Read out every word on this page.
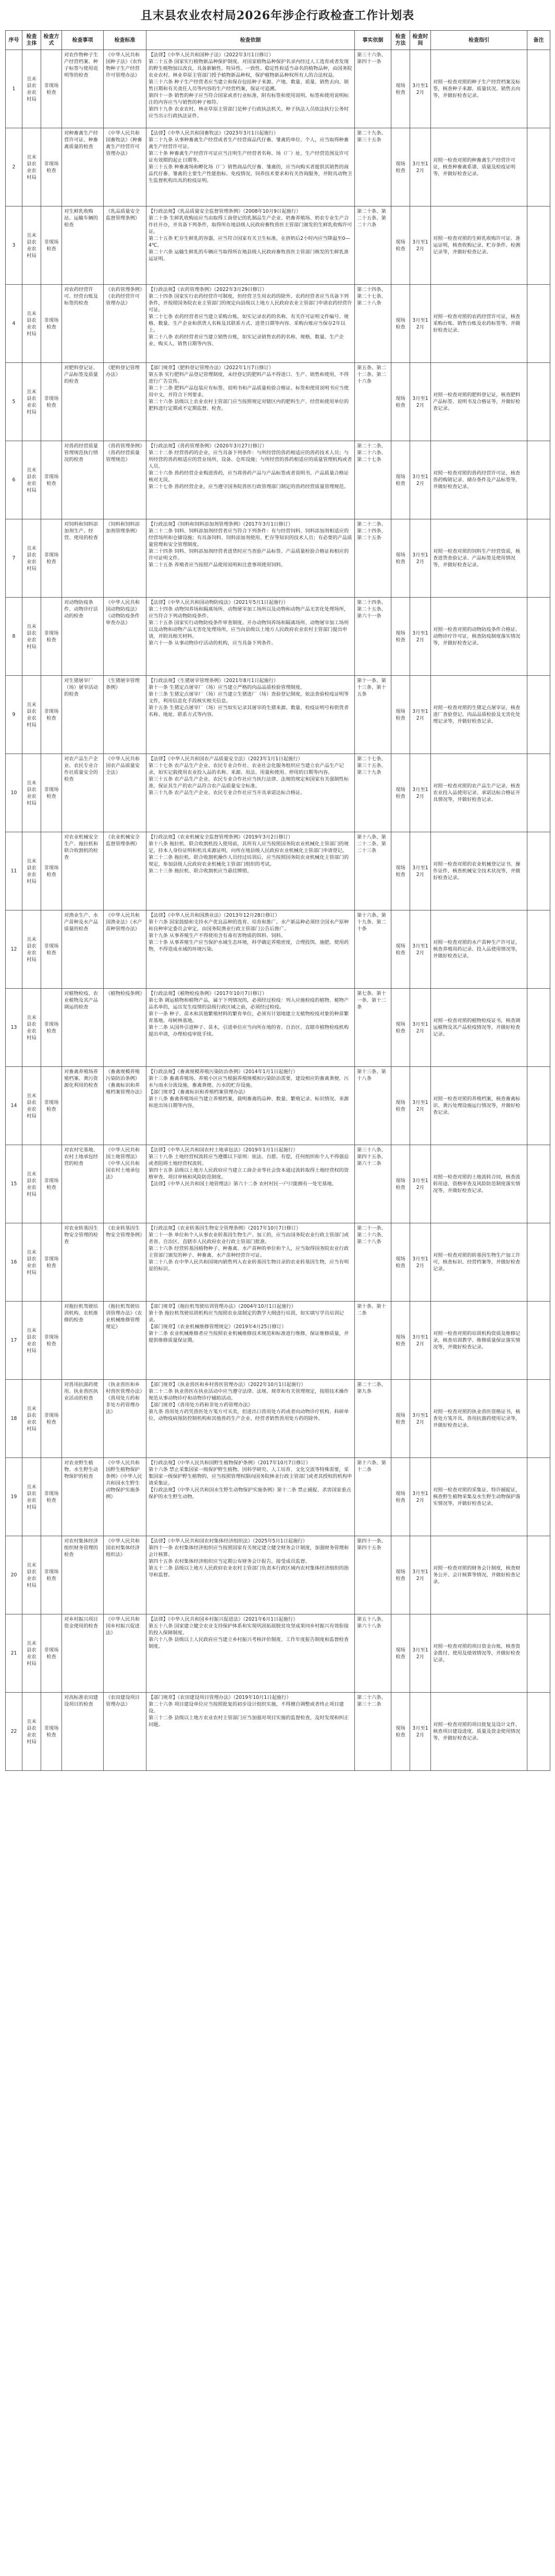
且末县农业农村局2026年涉企行政检查工作计划表
序号	检查主体	检查方式	检查事项	检查标准	检查依据	事实依据	检查方法	检查时间	检查指引	备注
1	且末县农业农村局	非现场检查	对农作物种子生产经营档案、种子标签与使用说明等的检查	《中华人民共和国种子法》《农作物种子生产经营许可管理办法》	【法律】《中华人民共和国种子法》（2022年3月1日修订）
第二十五条 国家实行植物新品种保护制度。对国家植物品种保护名录内经过人工选育或者发现的野生植物加以改良，具备新颖性、特异性、一致性、稳定性和适当命名的植物品种，由国务院农业农村、林业草原主管部门授予植物新品种权，保护植物新品种权所有人的合法权益。
第三十六条 种子生产经营者应当建立和保存包括种子来源、产地、数量、质量、销售去向、销售日期和有关责任人员等内容的生产经营档案，保证可追溯。
第四十一条 销售的种子应当符合国家或者行业标准，附有标签和使用说明。标签和使用说明标注的内容应当与销售的种子相符。
第四十九条 农业农村、林业草原主管部门是种子行政执法机关。种子执法人员依法执行公务时应当出示行政执法证件。	第三十六条、第四十一条	现场检查	3月至12月	对照一检查对照的种子生产经营档案及标签，核查种子来源、质量状况、销售去向等，并做好检查记录。	
2	且末县农业农村局	非现场检查	对种畜禽生产经营许可证、种畜禽质量的检查	《中华人民共和国畜牧法》《种畜禽生产经营许可管理办法》	【法律】《中华人民共和国畜牧法》（2023年3月1日起施行）
第二十九条 从事种畜禽生产经营或者生产经营商品代仔畜、雏禽的单位、个人，应当取得种畜禽生产经营许可证。
第三十条 种畜禽生产经营许可证应当注明生产经营者名称、场（厂）址、生产经营范围及许可证有效期的起止日期等。
第三十五条 种畜禽场和孵化场（厂）销售商品代仔畜、雏禽的，应当向购买者提供其销售的商品代仔畜、雏禽的主要生产性能指标、免疫情况、饲养技术要求和有关咨询服务，并附具动物卫生监督机构出具的检疫证明。	第二十九条、第三十五条	现场检查	3月至12月	对照一检查对照的种畜禽生产经营许可证，核查种畜禽系谱、质量及检疫证明等，并做好检查记录。	
3	且末县农业农村局	非现场检查	对生鲜乳收购站、运输车辆的检查	《乳品质量安全监督管理条例》	【行政法规】《乳品质量安全监督管理条例》（2008年10月9日起施行）
第二十条 生鲜乳收购站应当由取得工商登记的乳制品生产企业、奶畜养殖场、奶农专业生产合作社开办，并具备下列条件，取得所在地县级人民政府畜牧兽医主管部门颁发的生鲜乳收购许可证。
第二十五条 贮存生鲜乳的容器，应当符合国家有关卫生标准，在挤奶后2小时内应当降温至0—4℃。
第二十六条 运输生鲜乳的车辆应当取得所在地县级人民政府畜牧兽医主管部门核发的生鲜乳准运证明。	第二十条、第二十五条、第二十六条	现场检查	3月至12月	对照一检查对照的生鲜乳收购许可证、准运证明，核查收购记录、贮存条件、检测记录等，并做好检查记录。	
4	且末县农业农村局	非现场检查	对农药经营许可、经营台账及标签的检查	《农药管理条例》《农药经营许可管理办法》	【行政法规】《农药管理条例》（2022年3月29日修订）
第二十四条 国家实行农药经营许可制度，但经营卫生用农药的除外。农药经营者应当具备下列条件，并按照国务院农业主管部门的规定向县级以上地方人民政府农业主管部门申请农药经营许可证。
第二十七条 农药经营者应当建立采购台账，如实记录农药的名称、有关许可证明文件编号、规格、数量、生产企业和供货人名称及其联系方式、进货日期等内容。采购台账应当保存2年以上。
第二十八条 农药经营者应当建立销售台账，如实记录销售农药的名称、规格、数量、生产企业、购买人、销售日期等内容。	第二十四条、第二十七条、第二十八条	现场检查	3月至12月	对照一检查对照的农药经营许可证，核查采购台账、销售台账及农药标签等，并做好检查记录。	
5	且末县农业农村局	非现场检查	对肥料登记证、产品标签及质量的检查	《肥料登记管理办法》	【部门规章】《肥料登记管理办法》（2022年1月7日修订）
第五条 实行肥料产品登记管理制度，未经登记的肥料产品不得进口、生产、销售和使用，不得进行广告宣传。
第二十二条 肥料产品包装应有标签、说明书和产品质量检验合格证。标签和使用说明书应当使用中文，并符合下列要求。
第二十六条 县级以上农业农村主管部门应当按照规定对辖区内的肥料生产、经营和使用单位的肥料进行定期或不定期监督、检查。	第五条、第二十二条、第二十六条	现场检查	3月至12月	对照一检查对照的肥料登记证，核查肥料产品标签、说明书及合格证等，并做好检查记录。	
6	且末县农业农村局	非现场检查	对兽药经营质量管理规范执行情况的检查	《兽药管理条例》《兽药经营质量管理规范》	【行政法规】《兽药管理条例》（2020年3月27日修订）
第二十二条 经营兽药的企业，应当具备下列条件：与所经营的兽药相适应的兽药技术人员；与所经营的兽药相适应的营业场所、设备、仓库设施；与所经营的兽药相适应的质量管理机构或者人员。
第二十六条 兽药经营企业购进兽药，应当将兽药产品与产品标签或者说明书、产品质量合格证核对无误。
第二十七条 兽药经营企业，应当遵守国务院兽医行政管理部门制定的兽药经营质量管理规范。	第二十二条、第二十六条、第二十七条	现场检查	3月至12月	对照一检查对照的兽药经营许可证，核查兽药购销记录、储存条件及产品标签等，并做好检查记录。	
7	且末县农业农村局	非现场检查	对饲料和饲料添加剂生产、经营、使用的检查	《饲料和饲料添加剂管理条例》	【行政法规】《饲料和饲料添加剂管理条例》（2017年3月1日修订）
第二十二条 饲料、饲料添加剂经营者应当符合下列条件：有与经营饲料、饲料添加剂相适应的经营场所和仓储设施；有具备饲料、饲料添加剂使用、贮存等知识的技术人员；有必要的产品质量管理和安全管理制度。
第二十四条 饲料、饲料添加剂经营者进货时应当查验产品标签、产品质量检验合格证和相应的许可证明文件。
第二十五条 养殖者应当按照产品使用说明和注意事项使用饲料。	第二十二条、第二十四条、第二十五条	现场检查	3月至12月	对照一检查对照的饲料生产经营资质，核查进货查验记录、产品标签及使用情况等，并做好检查记录。	
8	且末县农业农村局	非现场检查	对动物防疫条件、动物诊疗活动的检查	《中华人民共和国动物防疫法》《动物防疫条件审查办法》	【法律】《中华人民共和国动物防疫法》（2021年5月1日起施行）
第二十四条 动物饲养场和隔离场所、动物屠宰加工场所以及动物和动物产品无害化处理场所，应当符合下列动物防疫条件。
第二十五条 国家实行动物防疫条件审查制度。开办动物饲养场和隔离场所、动物屠宰加工场所以及动物和动物产品无害化处理场所，应当向县级以上地方人民政府农业农村主管部门提出申请，并附具相关材料。
第六十一条 从事动物诊疗活动的机构，应当具备下列条件。	第二十四条、第二十五条、第六十一条	现场检查	3月至12月	对照一检查对照的动物防疫条件合格证、动物诊疗许可证，核查防疫制度落实情况等，并做好检查记录。	
9	且末县农业农村局	非现场检查	对生猪屠宰厂（场）屠宰活动的检查	《生猪屠宰管理条例》	【行政法规】《生猪屠宰管理条例》（2021年8月1日起施行）
第十一条 生猪定点屠宰厂（场）应当建立严格的肉品品质检验管理制度。
第十三条 生猪定点屠宰厂（场）应当建立生猪进厂（场）查验登记制度，依法查验检疫证明等文件，利用信息化手段核实相关信息。
第十五条 生猪定点屠宰厂（场）应当如实记录其屠宰的生猪来源、数量、检疫证明号和供货者名称、地址、联系方式等内容。	第十一条、第十三条、第十五条	现场检查	3月至12月	对照一检查对照的生猪定点屠宰证，核查进厂查验登记、肉品品质检验及无害化处理记录等，并做好检查记录。	
10	且末县农业农村局	非现场检查	对农产品生产企业、农民专业合作社质量安全的检查	《中华人民共和国农产品质量安全法》	【法律】《中华人民共和国农产品质量安全法》（2023年1月1日起施行）
第二十七条 农产品生产企业、农民专业合作社、农业社会化服务组织应当建立农产品生产记录，如实记载使用农业投入品的名称、来源、用法、用量和使用、停用的日期等内容。
第三十五条 农产品生产企业、农民专业合作社应当执行法律、法规的规定和国家有关强制性标准，保证其生产的农产品符合农产品质量安全标准。
第三十九条 农产品生产企业、农民专业合作社应当开具承诺达标合格证。	第二十七条、第三十五条、第三十九条	现场检查	3月至12月	对照一检查对照的农产品生产记录，核查农业投入品使用记录、承诺达标合格证开具情况等，并做好检查记录。	
11	且末县农业农村局	非现场检查	对农业机械安全生产、拖拉机和联合收割机的检查	《农业机械安全监督管理条例》	【行政法规】《农业机械安全监督管理条例》（2019年3月2日修订）
第十八条 拖拉机、联合收割机投入使用前，其所有人应当按照国务院农业机械化主管部门的规定，持本人身份证明和机具来源证明，向所在地县级人民政府农业机械化主管部门申请登记。
第二十二条 拖拉机、联合收割机操作人员经过培训后，应当按照国务院农业机械化主管部门的规定，参加县级人民政府农业机械化主管部门组织的考试。
第二十三条 拖拉机、联合收割机应当悬挂牌照。	第十八条、第二十二条、第二十三条	现场检查	3月至12月	对照一检查对照的农业机械登记证书、操作证件，核查机械安全技术状况等，并做好检查记录。	
12	且末县农业农村局	非现场检查	对渔业生产、水产苗种及水产品质量的检查	《中华人民共和国渔业法》《水产苗种管理办法》	【法律】《中华人民共和国渔业法》（2013年12月28日修订）
第十六条 国家鼓励和支持水产优良品种的选育、培育和推广。水产新品种必须经全国水产原种和良种审定委员会审定，由国务院渔业行政主管部门公告后推广。
第十九条 从事养殖生产不得使用含有毒有害物质的饵料、饲料。
第二十条 从事养殖生产应当保护水域生态环境，科学确定养殖密度，合理投饵、施肥、使用药物，不得造成水域的环境污染。	第十六条、第十九条、第二十条	现场检查	3月至12月	对照一检查对照的水产苗种生产许可证，核查养殖用药记录、投入品使用情况等，并做好检查记录。	
13	且末县农业农村局	非现场检查	对植物检疫、农业植物及其产品调运的检查	《植物检疫条例》	【行政法规】《植物检疫条例》（2017年10月7日修订）
第七条 调运植物和植物产品，属于下列情况的，必须经过检疫：列入应施检疫的植物、植物产品名单的，运出发生疫情的县级行政区域之前，必须经过检疫。
第十一条 种子、苗木和其他繁殖材料的繁育单位，必须有计划地建立无植物检疫对象的种苗繁育基地、母树林基地。
第十二条 从国外引进种子、苗木，引进单位应当向所在地的省、自治区、直辖市植物检疫机构提出申请，办理检疫审批手续。	第七条、第十一条、第十二条	现场检查	3月至12月	对照一检查对照的植物检疫证书，核查调运植物及其产品检疫情况等，并做好检查记录。	
14	且末县农业农村局	非现场检查	对畜禽养殖场养殖档案、粪污资源化利用的检查	《畜禽规模养殖污染防治条例》《畜禽标识和养殖档案管理办法》	【行政法规】《畜禽规模养殖污染防治条例》（2014年1月1日起施行）
第十三条 畜禽养殖场、养殖小区应当根据养殖规模和污染防治需要，建设相应的畜禽粪便、污水与雨水分流设施，畜禽粪便、污水的贮存设施。
【部门规章】《畜禽标识和养殖档案管理办法》
第十八条 畜禽养殖场应当建立养殖档案，载明畜禽的品种、数量、繁殖记录、标识情况、来源和进出场日期等内容。	第十三条、第十八条	现场检查	3月至12月	对照一检查对照的养殖档案，核查畜禽标识、粪污处理设施运行情况等，并做好检查记录。	
15	且末县农业农村局	非现场检查	对农村宅基地、农村土地承包经营的检查	《中华人民共和国土地管理法》《中华人民共和国农村土地承包法》	【法律】《中华人民共和国农村土地承包法》（2019年1月1日起施行）
第三十八条 土地经营权流转应当遵循以下原则：依法、自愿、有偿，任何组织和个人不得强迫或者阻碍土地经营权流转。
第四十五条 县级以上地方人民政府应当建立工商企业等社会资本通过流转取得土地经营权的资格审查、项目审核和风险防范制度。
【法律】《中华人民共和国土地管理法》第六十二条 农村村民一户只能拥有一处宅基地。	第三十八条、第四十五条、第六十二条	现场检查	3月至12月	对照一检查对照的土地流转合同，核查流转用途、资格审查及风险防范制度落实情况等，并做好检查记录。	
16	且末县农业农村局	非现场检查	对农业转基因生物安全管理的检查	《农业转基因生物安全管理条例》	【行政法规】《农业转基因生物安全管理条例》（2017年10月7日修订）
第二十一条 单位和个人从事农业转基因生物生产、加工的，应当由国务院农业行政主管部门或者省、自治区、直辖市人民政府农业行政主管部门批准。
第二十六条 经营转基因植物种子、种畜禽、水产苗种的单位和个人，应当取得国务院农业行政主管部门颁发的种子、种畜禽、水产苗种经营许可证。
第二十八条 在中华人民共和国境内销售列入农业转基因生物目录的农业转基因生物，应当有明显的标识。	第二十一条、第二十六条、第二十八条	现场检查	3月至12月	对照一检查对照的转基因生物生产加工许可，核查标识、经营档案等，并做好检查记录。	
17	且末县农业农村局	非现场检查	对拖拉机驾驶培训机构、农机维修的检查	《拖拉机驾驶培训管理办法》《农业机械维修管理规定》	【部门规章】《拖拉机驾驶培训管理办法》（2004年10月1日起施行）
第十条 拖拉机驾驶培训机构应当按照农业部制定的教学大纲进行培训，如实填写学员培训记录。
【部门规章】《农业机械维修管理规定》（2019年4月25日修订）
第十二条 农业机械维修者应当按照农业机械维修技术规范和标准进行维修，保证维修质量，并提供维修质量保证期。	第十条、第十二条	现场检查	3月至12月	对照一检查对照的培训机构资质及维修记录，核查培训教学、维修质量保证落实情况等，并做好检查记录。	
18	且末县农业农村局	非现场检查	对兽用抗菌药使用、执业兽医执业活动的检查	《执业兽医和乡村兽医管理办法》《兽用处方药和非处方药管理办法》	【部门规章】《执业兽医和乡村兽医管理办法》（2022年10月1日起施行）
第二十二条 执业兽医在执业活动中应当遵守法律、法规、规章和有关管理规定，按照技术操作规范从事动物诊疗和动物诊疗辅助活动。
【部门规章】《兽用处方药和非处方药管理办法》
第九条 兽用处方药凭兽医处方笺方可买卖，但进出口兽用处方药或者向动物诊疗机构、科研单位、动物疫病预防控制机构和其他兽药生产企业、经营者销售兽用处方药的除外。	第二十二条、第九条	现场检查	3月至12月	对照一检查对照的执业兽医资格证书，核查处方笺开具、兽用抗菌药使用记录等，并做好检查记录。	
19	且末县农业农村局	非现场检查	对农业野生植物、水生野生动物保护的检查	《中华人民共和国野生植物保护条例》《中华人民共和国水生野生动物保护实施条例》	【行政法规】《中华人民共和国野生植物保护条例》（2017年10月7日修订）
第十六条 禁止采集国家一级保护野生植物。因科学研究、人工培育、文化交流等特殊需要，采集国家一级保护野生植物的，应当按照管理权限向国务院林业行政主管部门或者其授权的机构申请采集证。
【行政法规】《中华人民共和国水生野生动物保护实施条例》第十二条 禁止捕捉、杀害国家重点保护的水生野生动物。	第十六条、第十二条	现场检查	3月至12月	对照一检查对照的采集证、特许捕捉证，核查野生植物采集及水生野生动物保护落实情况等，并做好检查记录。	
20	且末县农业农村局	非现场检查	对农村集体经济组织财务管理的检查	《中华人民共和国农村集体经济组织法》	【法律】《中华人民共和国农村集体经济组织法》（2025年5月1日起施行）
第四十一条 农村集体经济组织应当按照国家有关规定建立健全财务会计制度，加强财务管理和会计核算。
第四十五条 农村集体经济组织应当定期公布财务会计报告，接受成员监督。
第五十二条 县级以上地方人民政府农业农村主管部门负责本行政区域内农村集体经济组织的指导和监督。	第四十一条、第四十五条	现场检查	3月至12月	对照一检查对照的财务会计制度，核查财务公开、会计核算等情况，并做好检查记录。	
21	且末县农业农村局	非现场检查	对乡村振兴项目资金使用的检查	《中华人民共和国乡村振兴促进法》	【法律】《中华人民共和国乡村振兴促进法》（2021年6月1日起施行）
第五十八条 国家建立健全农业支持保护体系和实现巩固拓展脱贫攻坚成果同乡村振兴有效衔接的投入保障制度。
第六十八条 县级以上人民政府应当建立乡村振兴考核评价制度、工作年度报告制度和监督检查制度。	第五十八条、第六十八条	现场检查	3月至12月	对照一检查对照的项目资金台账，核查资金拨付、使用及绩效情况等，并做好检查记录。	
22	且末县农业农村局	非现场检查	对高标准农田建设项目的检查	《农田建设项目管理办法》	【部门规章】《农田建设项目管理办法》（2019年10月1日起施行）
第二十六条 项目建设单位应当按照批复的初步设计组织实施，不得擅自调整或者终止项目建设。
第三十二条 县级以上地方农业农村主管部门应当加强对项目实施的监督检查，及时发现和纠正问题。	第二十六条、第三十二条	现场检查	3月至12月	对照一检查对照的项目批复及设计文件，核查项目建设进度、质量及资金使用情况等，并做好检查记录。	
